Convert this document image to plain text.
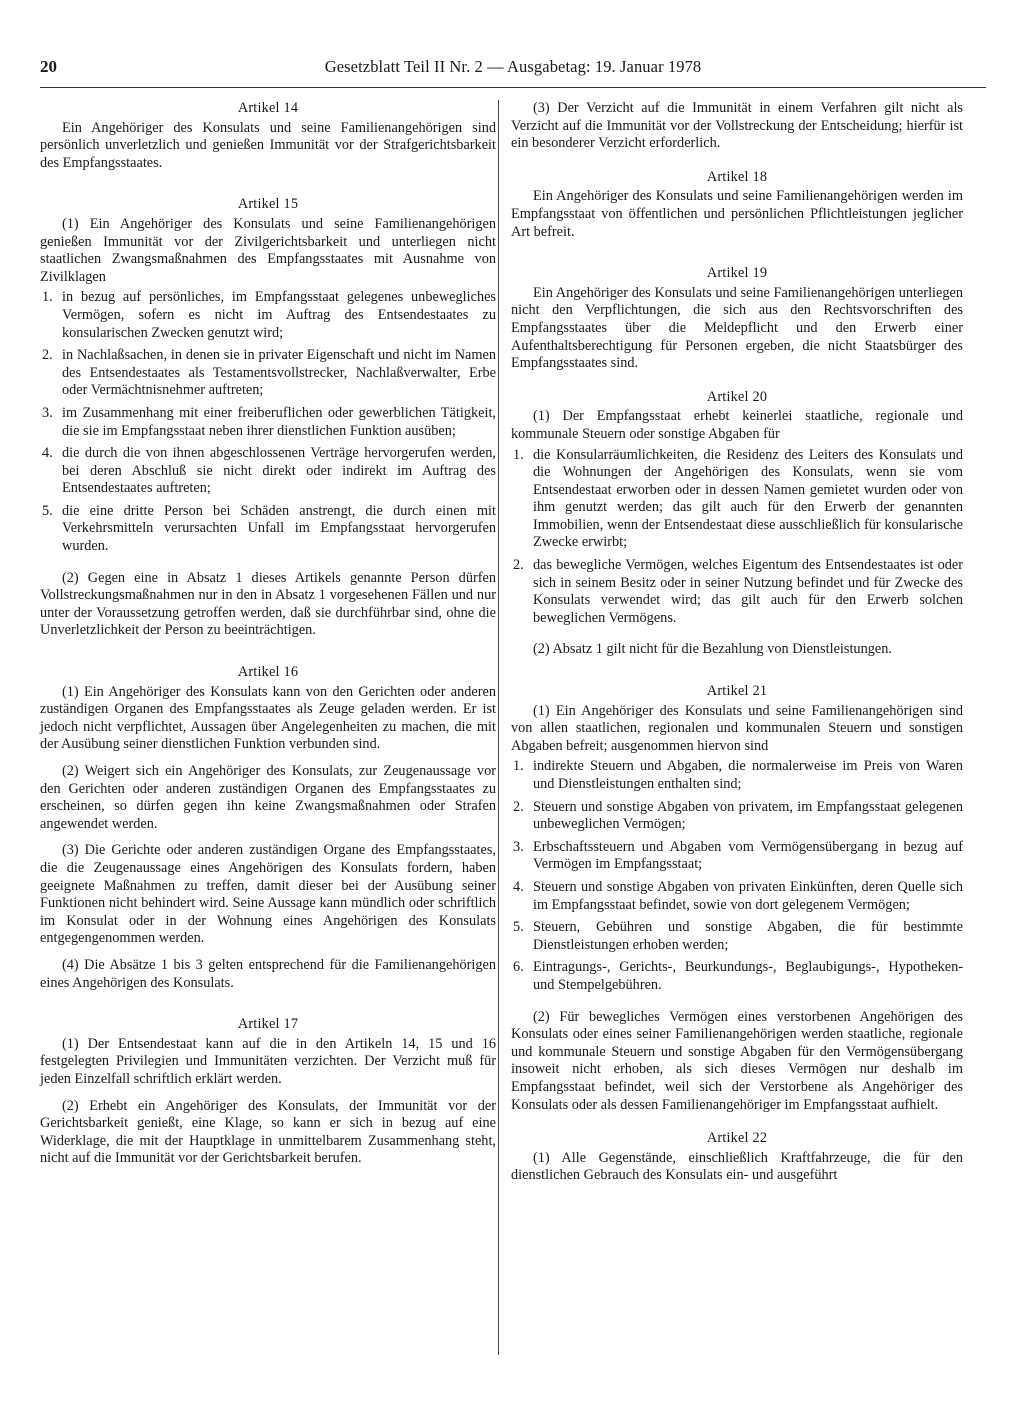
20	Gesetzblatt Teil II Nr. 2 — Ausgabetag: 19. Januar 1978
Artikel 14

Ein Angehöriger des Konsulats und seine Familienangehörigen sind persönlich unverletzlich und genießen Immunität vor der Strafgerichtsbarkeit des Empfangsstaates.

Artikel 15

(1) Ein Angehöriger des Konsulats und seine Familienangehörigen genießen Immunität vor der Zivilgerichtsbarkeit und unterliegen nicht staatlichen Zwangsmaßnahmen des Empfangsstaates mit Ausnahme von Zivilklagen

1. in bezug auf persönliches, im Empfangsstaat gelegenes unbewegliches Vermögen, sofern es nicht im Auftrag des Entsendestaates zu konsularischen Zwecken genutzt wird;
2. in Nachlaßsachen, in denen sie in privater Eigenschaft und nicht im Namen des Entsendestaates als Testamentsvollstrecker, Nachlaßverwalter, Erbe oder Vermächtnisnehmer auftreten;
3. im Zusammenhang mit einer freiberuflichen oder gewerblichen Tätigkeit, die sie im Empfangsstaat neben ihrer dienstlichen Funktion ausüben;
4. die durch die von ihnen abgeschlossenen Verträge hervorgerufen werden, bei deren Abschluß sie nicht direkt oder indirekt im Auftrag des Entsendestaates auftreten;
5. die eine dritte Person bei Schäden anstrengt, die durch einen mit Verkehrsmitteln verursachten Unfall im Empfangsstaat hervorgerufen wurden.

(2) Gegen eine in Absatz 1 dieses Artikels genannte Person dürfen Vollstreckungsmaßnahmen nur in den in Absatz 1 vorgesehenen Fällen und nur unter der Voraussetzung getroffen werden, daß sie durchführbar sind, ohne die Unverletzlichkeit der Person zu beeinträchtigen.

Artikel 16

(1) Ein Angehöriger des Konsulats kann von den Gerichten oder anderen zuständigen Organen des Empfangsstaates als Zeuge geladen werden. Er ist jedoch nicht verpflichtet, Aussagen über Angelegenheiten zu machen, die mit der Ausübung seiner dienstlichen Funktion verbunden sind.

(2) Weigert sich ein Angehöriger des Konsulats, zur Zeugenaussage vor den Gerichten oder anderen zuständigen Organen des Empfangsstaates zu erscheinen, so dürfen gegen ihn keine Zwangsmaßnahmen oder Strafen angewendet werden.

(3) Die Gerichte oder anderen zuständigen Organe des Empfangsstaates, die die Zeugenaussage eines Angehörigen des Konsulats fordern, haben geeignete Maßnahmen zu treffen, damit dieser bei der Ausübung seiner Funktionen nicht behindert wird. Seine Aussage kann mündlich oder schriftlich im Konsulat oder in der Wohnung eines Angehörigen des Konsulats entgegengenommen werden.

(4) Die Absätze 1 bis 3 gelten entsprechend für die Familienangehörigen eines Angehörigen des Konsulats.

Artikel 17

(1) Der Entsendestaat kann auf die in den Artikeln 14, 15 und 16 festgelegten Privilegien und Immunitäten verzichten. Der Verzicht muß für jeden Einzelfall schriftlich erklärt werden.

(2) Erhebt ein Angehöriger des Konsulats, der Immunität vor der Gerichtsbarkeit genießt, eine Klage, so kann er sich in bezug auf eine Widerklage, die mit der Hauptklage in unmittelbarem Zusammenhang steht, nicht auf die Immunität vor der Gerichtsbarkeit berufen.

(3) Der Verzicht auf die Immunität in einem Verfahren gilt nicht als Verzicht auf die Immunität vor der Vollstreckung der Entscheidung; hierfür ist ein besonderer Verzicht erforderlich.

Artikel 18

Ein Angehöriger des Konsulats und seine Familienangehörigen werden im Empfangsstaat von öffentlichen und persönlichen Pflichtleistungen jeglicher Art befreit.

Artikel 19

Ein Angehöriger des Konsulats und seine Familienangehörigen unterliegen nicht den Verpflichtungen, die sich aus den Rechtsvorschriften des Empfangsstaates über die Meldepflicht und den Erwerb einer Aufenthaltsberechtigung für Personen ergeben, die nicht Staatsbürger des Empfangsstaates sind.

Artikel 20

(1) Der Empfangsstaat erhebt keinerlei staatliche, regionale und kommunale Steuern oder sonstige Abgaben für

1. die Konsularräumlichkeiten, die Residenz des Leiters des Konsulats und die Wohnungen der Angehörigen des Konsulats, wenn sie vom Entsendestaat erworben oder in dessen Namen gemietet wurden oder von ihm genutzt werden; das gilt auch für den Erwerb der genannten Immobilien, wenn der Entsendestaat diese ausschließlich für konsularische Zwecke erwirbt;
2. das bewegliche Vermögen, welches Eigentum des Entsendestaates ist oder sich in seinem Besitz oder in seiner Nutzung befindet und für Zwecke des Konsulats verwendet wird; das gilt auch für den Erwerb solchen beweglichen Vermögens.

(2) Absatz 1 gilt nicht für die Bezahlung von Dienstleistungen.

Artikel 21

(1) Ein Angehöriger des Konsulats und seine Familienangehörigen sind von allen staatlichen, regionalen und kommunalen Steuern und sonstigen Abgaben befreit; ausgenommen hiervon sind

1. indirekte Steuern und Abgaben, die normalerweise im Preis von Waren und Dienstleistungen enthalten sind;
2. Steuern und sonstige Abgaben von privatem, im Empfangsstaat gelegenen unbeweglichen Vermögen;
3. Erbschaftssteuern und Abgaben vom Vermögensübergang in bezug auf Vermögen im Empfangsstaat;
4. Steuern und sonstige Abgaben von privaten Einkünften, deren Quelle sich im Empfangsstaat befindet, sowie von dort gelegenem Vermögen;
5. Steuern, Gebühren und sonstige Abgaben, die für bestimmte Dienstleistungen erhoben werden;
6. Eintragungs-, Gerichts-, Beurkundungs-, Beglaubigungs-, Hypotheken- und Stempelgebühren.

(2) Für bewegliches Vermögen eines verstorbenen Angehörigen des Konsulats oder eines seiner Familienangehörigen werden staatliche, regionale und kommunale Steuern und sonstige Abgaben für den Vermögensübergang insoweit nicht erhoben, als sich dieses Vermögen nur deshalb im Empfangsstaat befindet, weil sich der Verstorbene als Angehöriger des Konsulats oder als dessen Familienangehöriger im Empfangsstaat aufhielt.

Artikel 22

(1) Alle Gegenstände, einschließlich Kraftfahrzeuge, die für den dienstlichen Gebrauch des Konsulats ein- und ausgeführt
